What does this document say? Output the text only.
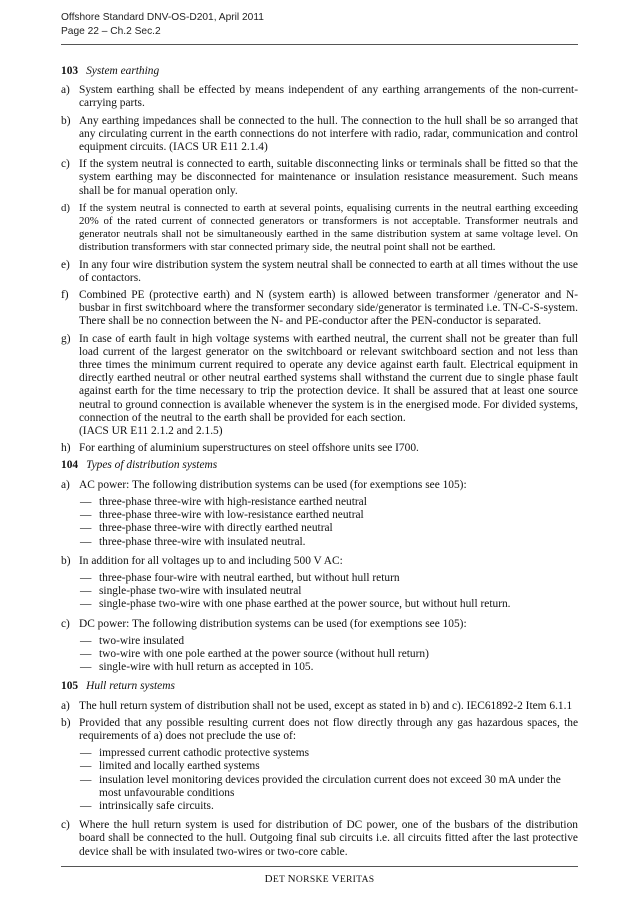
Offshore Standard DNV-OS-D201, April 2011
Page 22 – Ch.2 Sec.2
103 System earthing
a) System earthing shall be effected by means independent of any earthing arrangements of the non-current-carrying parts.
b) Any earthing impedances shall be connected to the hull. The connection to the hull shall be so arranged that any circulating current in the earth connections do not interfere with radio, radar, communication and control equipment circuits. (IACS UR E11 2.1.4)
c) If the system neutral is connected to earth, suitable disconnecting links or terminals shall be fitted so that the system earthing may be disconnected for maintenance or insulation resistance measurement. Such means shall be for manual operation only.
d) If the system neutral is connected to earth at several points, equalising currents in the neutral earthing exceeding 20% of the rated current of connected generators or transformers is not acceptable. Transformer neutrals and generator neutrals shall not be simultaneously earthed in the same distribution system at same voltage level. On distribution transformers with star connected primary side, the neutral point shall not be earthed.
e) In any four wire distribution system the system neutral shall be connected to earth at all times without the use of contactors.
f) Combined PE (protective earth) and N (system earth) is allowed between transformer /generator and N-busbar in first switchboard where the transformer secondary side/generator is terminated i.e. TN-C-S-system. There shall be no connection between the N- and PE-conductor after the PEN-conductor is separated.
g) In case of earth fault in high voltage systems with earthed neutral, the current shall not be greater than full load current of the largest generator on the switchboard or relevant switchboard section and not less than three times the minimum current required to operate any device against earth fault. Electrical equipment in directly earthed neutral or other neutral earthed systems shall withstand the current due to single phase fault against earth for the time necessary to trip the protection device. It shall be assured that at least one source neutral to ground connection is available whenever the system is in the energised mode. For divided systems, connection of the neutral to the earth shall be provided for each section.
(IACS UR E11 2.1.2 and 2.1.5)
h) For earthing of aluminium superstructures on steel offshore units see I700.
104 Types of distribution systems
a) AC power: The following distribution systems can be used (for exemptions see 105):
— three-phase three-wire with high-resistance earthed neutral
— three-phase three-wire with low-resistance earthed neutral
— three-phase three-wire with directly earthed neutral
— three-phase three-wire with insulated neutral.
b) In addition for all voltages up to and including 500 V AC:
— three-phase four-wire with neutral earthed, but without hull return
— single-phase two-wire with insulated neutral
— single-phase two-wire with one phase earthed at the power source, but without hull return.
c) DC power: The following distribution systems can be used (for exemptions see 105):
— two-wire insulated
— two-wire with one pole earthed at the power source (without hull return)
— single-wire with hull return as accepted in 105.
105 Hull return systems
a) The hull return system of distribution shall not be used, except as stated in b) and c). IEC61892-2 Item 6.1.1
b) Provided that any possible resulting current does not flow directly through any gas hazardous spaces, the requirements of a) does not preclude the use of:
— impressed current cathodic protective systems
— limited and locally earthed systems
— insulation level monitoring devices provided the circulation current does not exceed 30 mA under the most unfavourable conditions
— intrinsically safe circuits.
c) Where the hull return system is used for distribution of DC power, one of the busbars of the distribution board shall be connected to the hull. Outgoing final sub circuits i.e. all circuits fitted after the last protective device shall be with insulated two-wires or two-core cable.
DET NORSKE VERITAS
